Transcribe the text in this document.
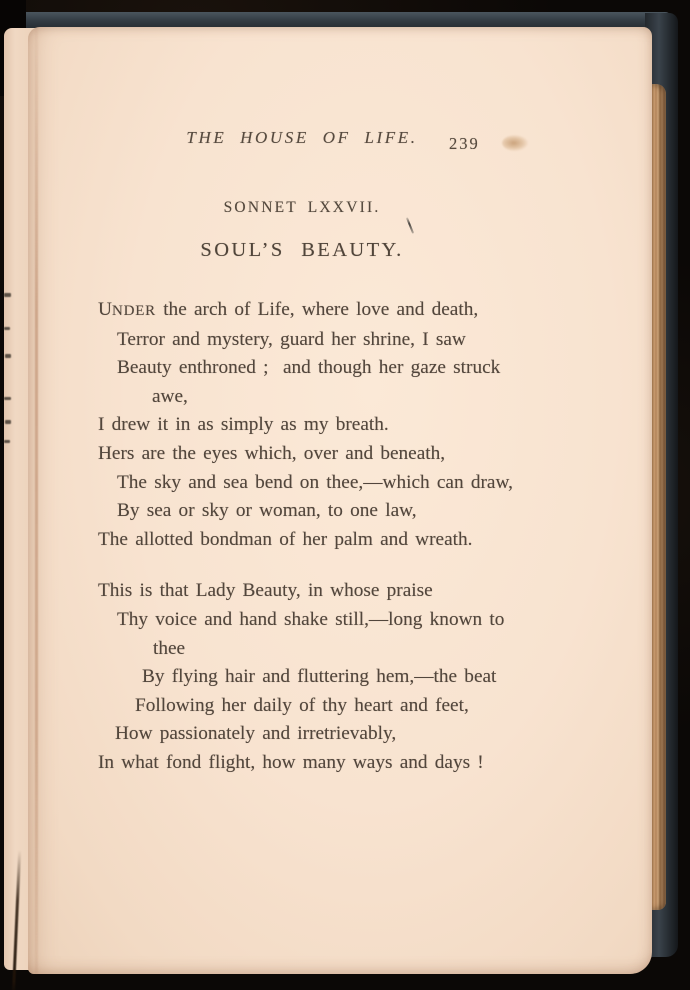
THE HOUSE OF LIFE.	239
SONNET LXXVII.
SOUL’S BEAUTY.
UNDER the arch of Life, where love and death,
Terror and mystery, guard her shrine, I saw
Beauty enthroned ;  and though her gaze struck
awe,
I drew it in as simply as my breath.
Hers are the eyes which, over and beneath,
The sky and sea bend on thee,—which can draw,
By sea or sky or woman, to one law,
The allotted bondman of her palm and wreath.
This is that Lady Beauty, in whose praise
Thy voice and hand shake still,—long known to
thee
By flying hair and fluttering hem,—the beat
Following her daily of thy heart and feet,
How passionately and irretrievably,
In what fond flight, how many ways and days !
